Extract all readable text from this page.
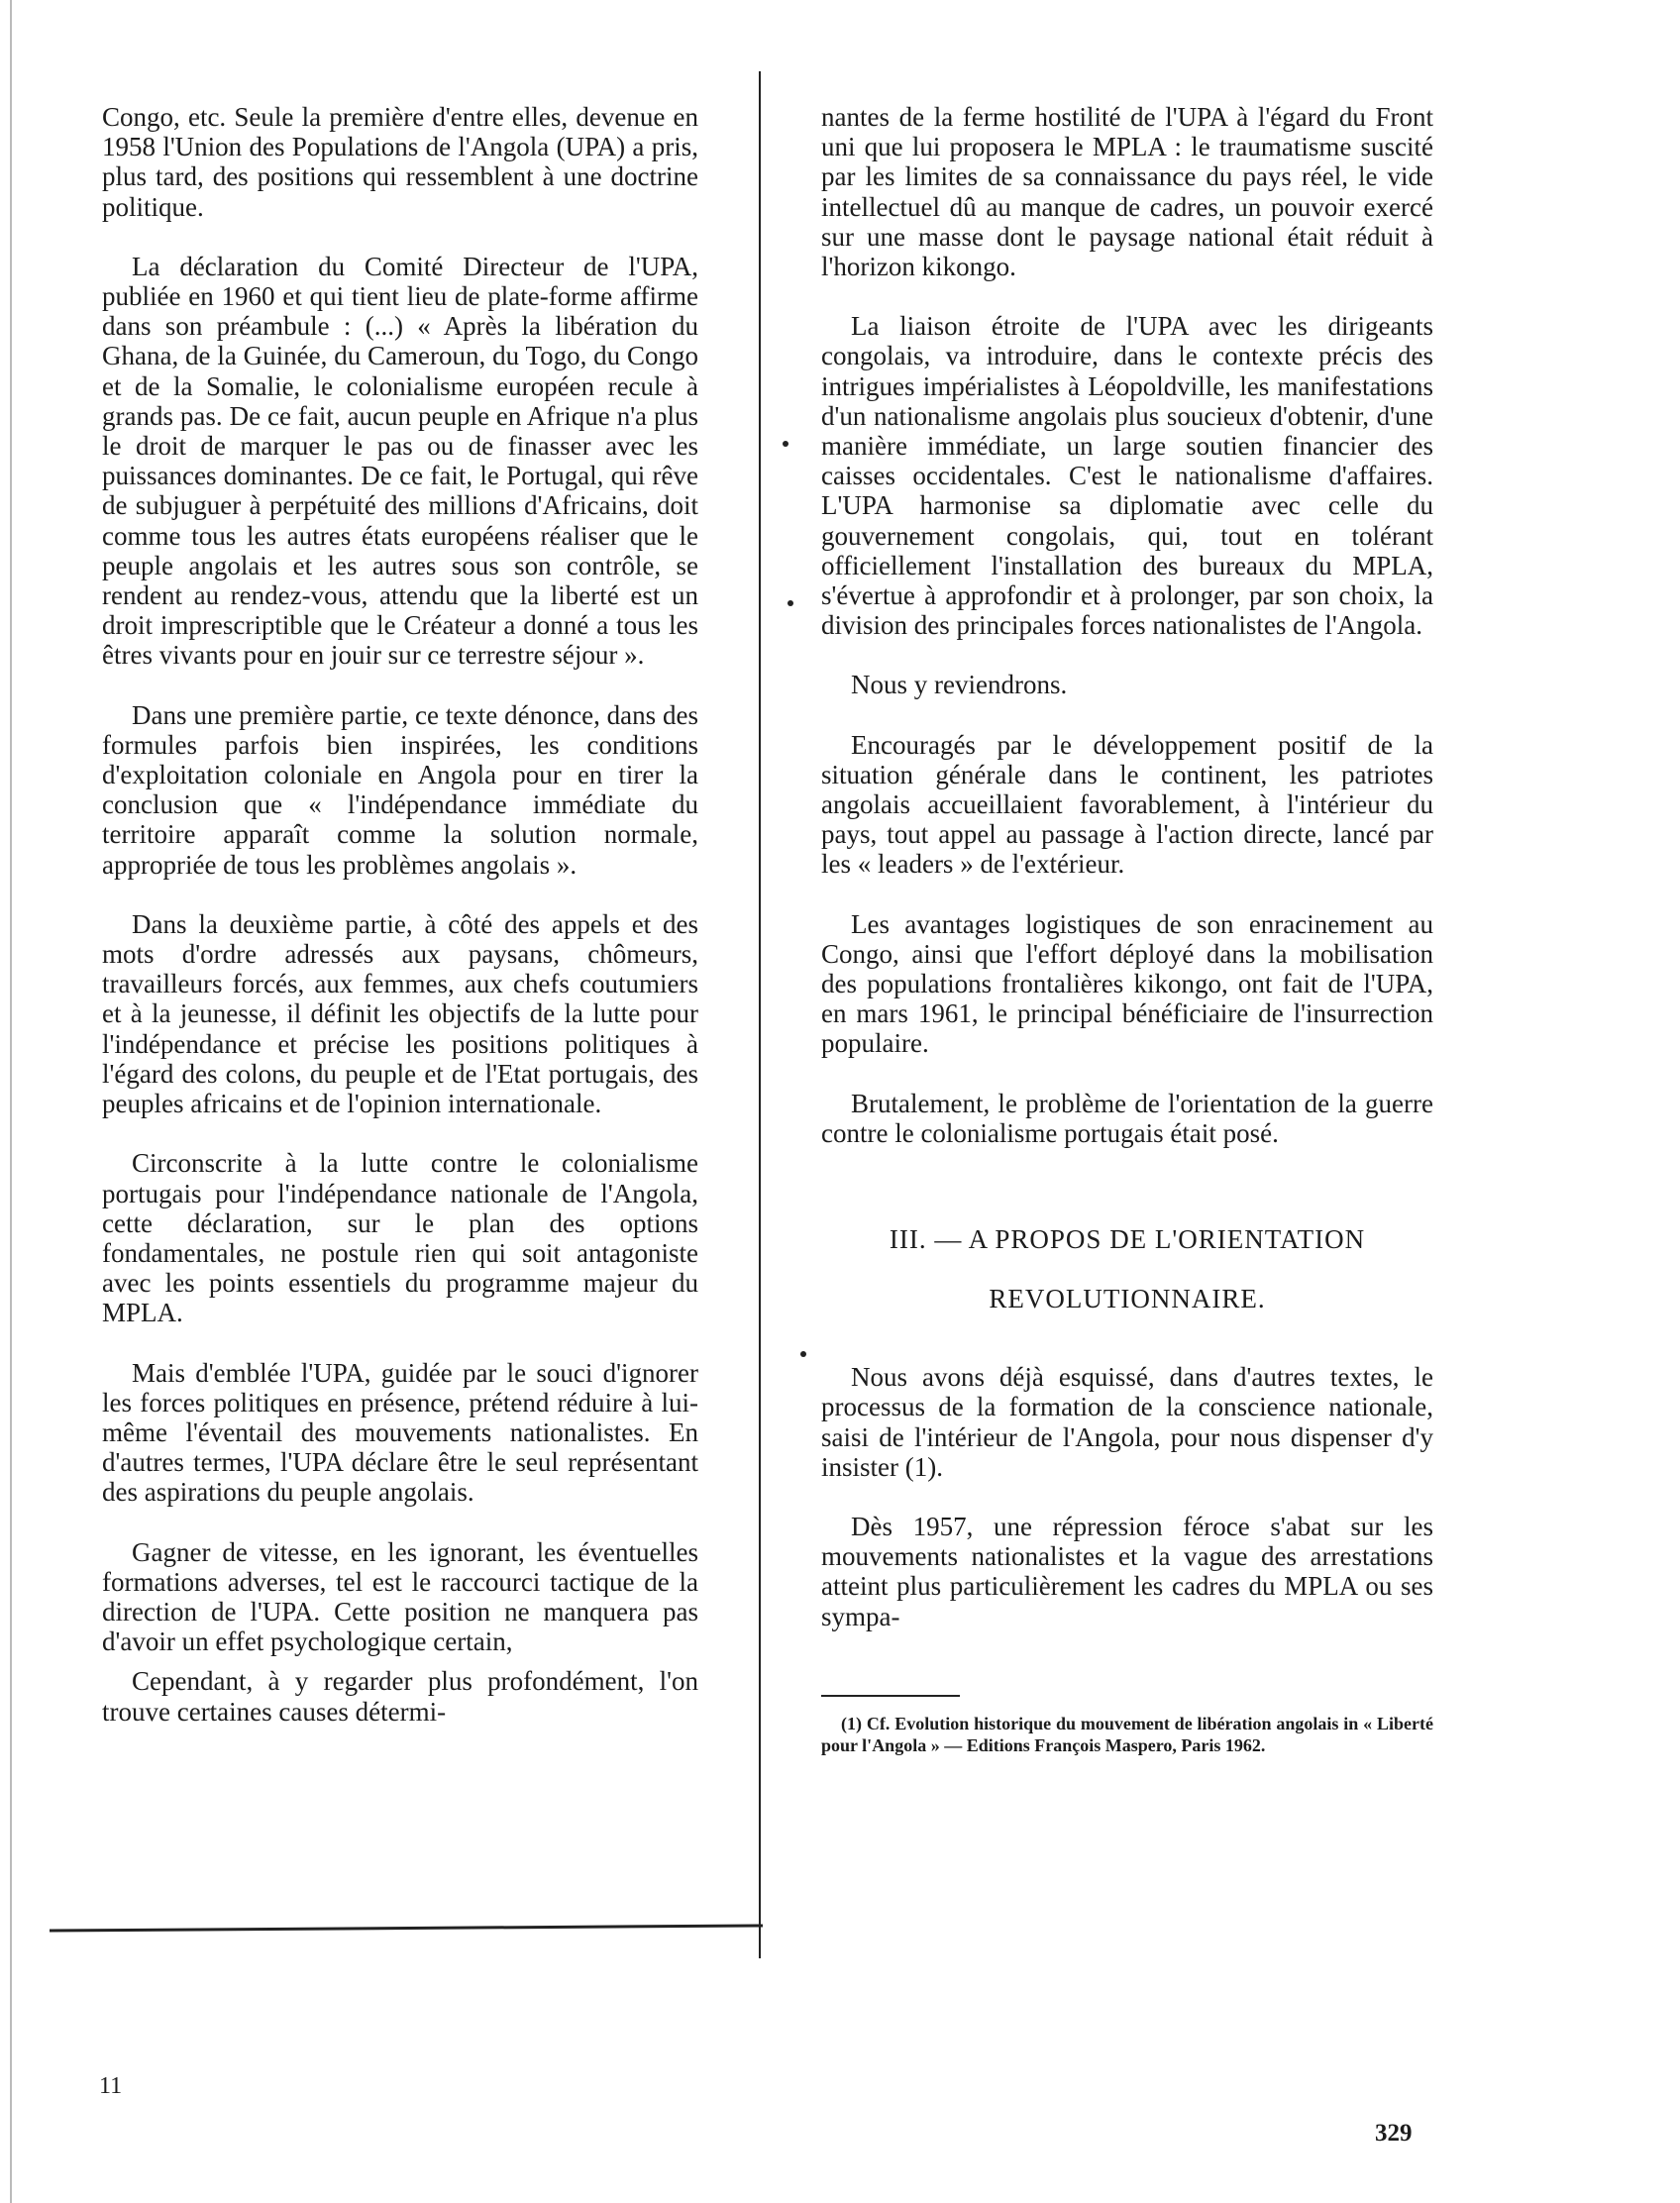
Congo, etc. Seule la première d'entre elles, devenue en 1958 l'Union des Populations de l'Angola (UPA) a pris, plus tard, des positions qui ressemblent à une doctrine politique.

La déclaration du Comité Directeur de l'UPA, publiée en 1960 et qui tient lieu de plate-forme affirme dans son préambule : (...) « Après la libération du Ghana, de la Guinée, du Cameroun, du Togo, du Congo et de la Somalie, le colonialisme européen recule à grands pas. De ce fait, aucun peuple en Afrique n'a plus le droit de marquer le pas ou de finasser avec les puissances dominantes. De ce fait, le Portugal, qui rêve de subjuguer à perpétuité des millions d'Africains, doit comme tous les autres états européens réaliser que le peuple angolais et les autres sous son contrôle, se rendent au rendez-vous, attendu que la liberté est un droit imprescriptible que le Créateur a donné a tous les êtres vivants pour en jouir sur ce terrestre séjour ».

Dans une première partie, ce texte dénonce, dans des formules parfois bien inspirées, les conditions d'exploitation coloniale en Angola pour en tirer la conclusion que « l'indépendance immédiate du territoire apparaît comme la solution normale, appropriée de tous les problèmes angolais ».

Dans la deuxième partie, à côté des appels et des mots d'ordre adressés aux paysans, chômeurs, travailleurs forcés, aux femmes, aux chefs coutumiers et à la jeunesse, il définit les objectifs de la lutte pour l'indépendance et précise les positions politiques à l'égard des colons, du peuple et de l'Etat portugais, des peuples africains et de l'opinion internationale.

Circonscrite à la lutte contre le colonialisme portugais pour l'indépendance nationale de l'Angola, cette déclaration, sur le plan des options fondamentales, ne postule rien qui soit antagoniste avec les points essentiels du programme majeur du MPLA.

Mais d'emblée l'UPA, guidée par le souci d'ignorer les forces politiques en présence, prétend réduire à lui-même l'éventail des mouvements nationalistes. En d'autres termes, l'UPA déclare être le seul représentant des aspirations du peuple angolais.

Gagner de vitesse, en les ignorant, les éventuelles formations adverses, tel est le raccourci tactique de la direction de l'UPA. Cette position ne manquera pas d'avoir un effet psychologique certain,

Cependant, à y regarder plus profondément, l'on trouve certaines causes détermi-

nantes de la ferme hostilité de l'UPA à l'égard du Front uni que lui proposera le MPLA : le traumatisme suscité par les limites de sa connaissance du pays réel, le vide intellectuel dû au manque de cadres, un pouvoir exercé sur une masse dont le paysage national était réduit à l'horizon kikongo.

La liaison étroite de l'UPA avec les dirigeants congolais, va introduire, dans le contexte précis des intrigues impérialistes à Léopoldville, les manifestations d'un nationalisme angolais plus soucieux d'obtenir, d'une manière immédiate, un large soutien financier des caisses occidentales. C'est le nationalisme d'affaires. L'UPA harmonise sa diplomatie avec celle du gouvernement congolais, qui, tout en tolérant officiellement l'installation des bureaux du MPLA, s'évertue à approfondir et à prolonger, par son choix, la division des principales forces nationalistes de l'Angola.

Nous y reviendrons.

Encouragés par le développement positif de la situation générale dans le continent, les patriotes angolais accueillaient favorablement, à l'intérieur du pays, tout appel au passage à l'action directe, lancé par les « leaders » de l'extérieur.

Les avantages logistiques de son enracinement au Congo, ainsi que l'effort déployé dans la mobilisation des populations frontalières kikongo, ont fait de l'UPA, en mars 1961, le principal bénéficiaire de l'insurrection populaire.

Brutalement, le problème de l'orientation de la guerre contre le colonialisme portugais était posé.

III. — A PROPOS DE L'ORIENTATION
REVOLUTIONNAIRE.

Nous avons déjà esquissé, dans d'autres textes, le processus de la formation de la conscience nationale, saisi de l'intérieur de l'Angola, pour nous dispenser d'y insister (1).

Dès 1957, une répression féroce s'abat sur les mouvements nationalistes et la vague des arrestations atteint plus particulièrement les cadres du MPLA ou ses sympa-

(1) Cf. Evolution historique du mouvement de libération angolais in « Liberté pour l'Angola » — Editions François Maspero, Paris 1962.

11
329
